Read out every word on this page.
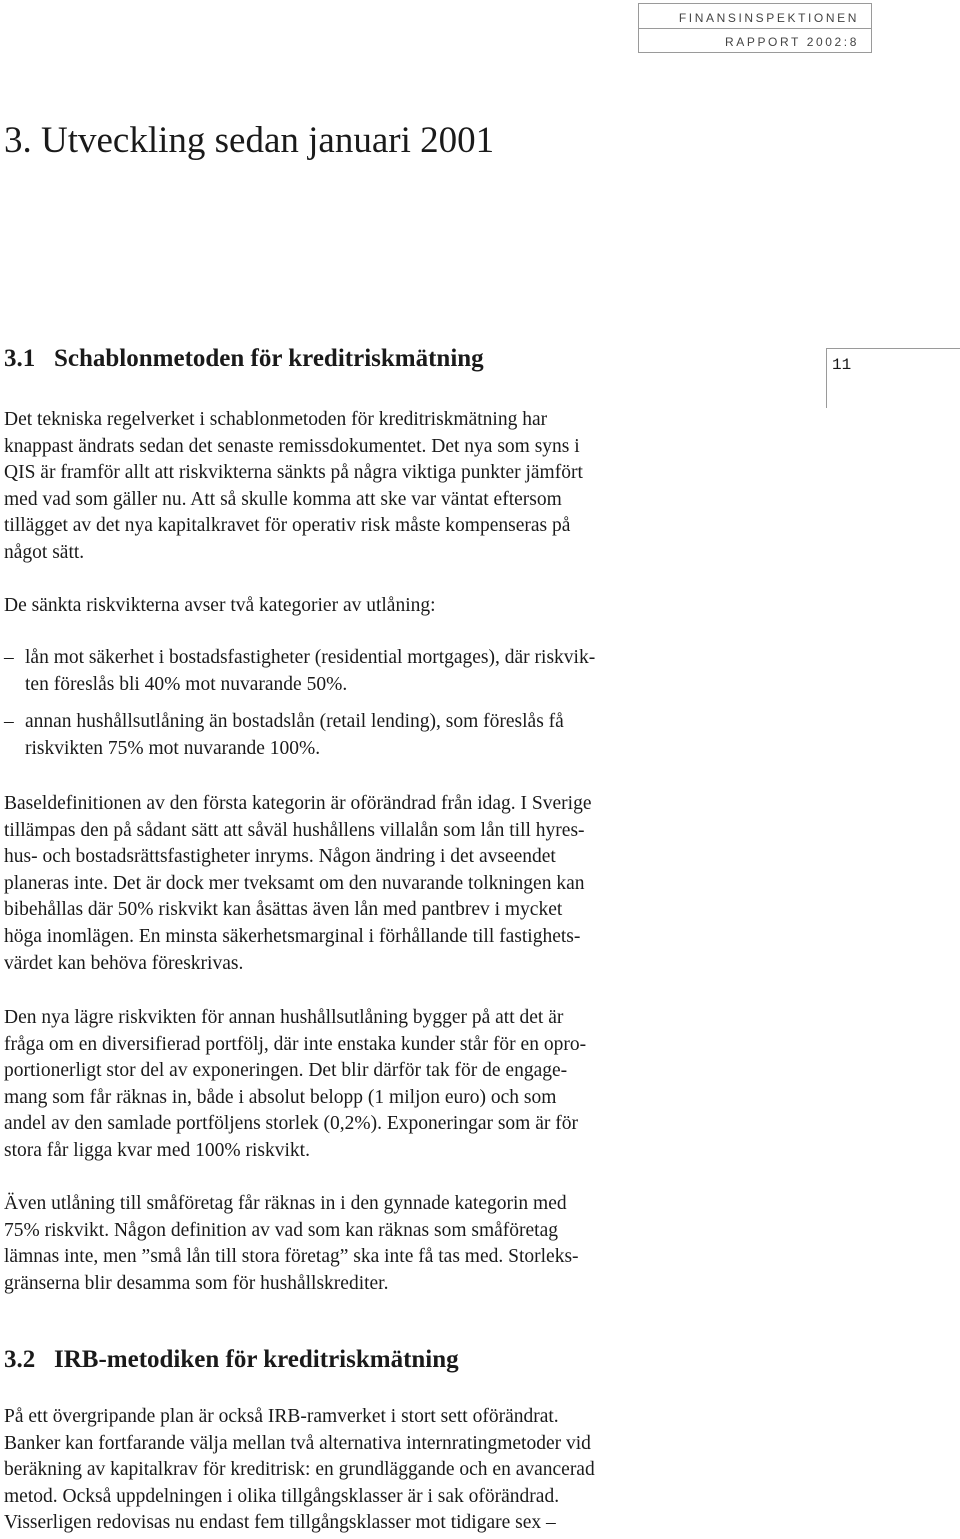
FINANSINSPEKTIONEN
RAPPORT 2002:8
3. Utveckling sedan januari 2001
3.1 Schablonmetoden för kreditriskmätning	11

Det tekniska regelverket i schablonmetoden för kreditriskmätning har
knappast ändrats sedan det senaste remissdokumentet. Det nya som syns i
QIS är framför allt att riskvikterna sänkts på några viktiga punkter jämfört
med vad som gäller nu. Att så skulle komma att ske var väntat eftersom
tillägget av det nya kapitalkravet för operativ risk måste kompenseras på
något sätt.

De sänkta riskvikterna avser två kategorier av utlåning:

– lån mot säkerhet i bostadsfastigheter (residential mortgages), där riskvik-
ten föreslås bli 40% mot nuvarande 50%.
– annan hushållsutlåning än bostadslån (retail lending), som föreslås få
riskvikten 75% mot nuvarande 100%.

Baseldefinitionen av den första kategorin är oförändrad från idag. I Sverige
tillämpas den på sådant sätt att såväl hushållens villalån som lån till hyres-
hus- och bostadsrättsfastigheter inryms. Någon ändring i det avseendet
planeras inte. Det är dock mer tveksamt om den nuvarande tolkningen kan
bibehållas där 50% riskvikt kan åsättas även lån med pantbrev i mycket
höga inomlägen. En minsta säkerhetsmarginal i förhållande till fastighets-
värdet kan behöva föreskrivas.

Den nya lägre riskvikten för annan hushållsutlåning bygger på att det är
fråga om en diversifierad portfölj, där inte enstaka kunder står för en opro-
portionerligt stor del av exponeringen. Det blir därför tak för de engage-
mang som får räknas in, både i absolut belopp (1 miljon euro) och som
andel av den samlade portföljens storlek (0,2%). Exponeringar som är för
stora får ligga kvar med 100% riskvikt.

Även utlåning till småföretag får räknas in i den gynnade kategorin med
75% riskvikt. Någon definition av vad som kan räknas som småföretag
lämnas inte, men ”små lån till stora företag” ska inte få tas med. Storleks-
gränserna blir desamma som för hushållskrediter.

3.2 IRB-metodiken för kreditriskmätning

På ett övergripande plan är också IRB-ramverket i stort sett oförändrat.
Banker kan fortfarande välja mellan två alternativa internratingmetoder vid
beräkning av kapitalkrav för kreditrisk: en grundläggande och en avancerad
metod. Också uppdelningen i olika tillgångsklasser är i sak oförändrad.
Visserligen redovisas nu endast fem tillgångsklasser mot tidigare sex –
